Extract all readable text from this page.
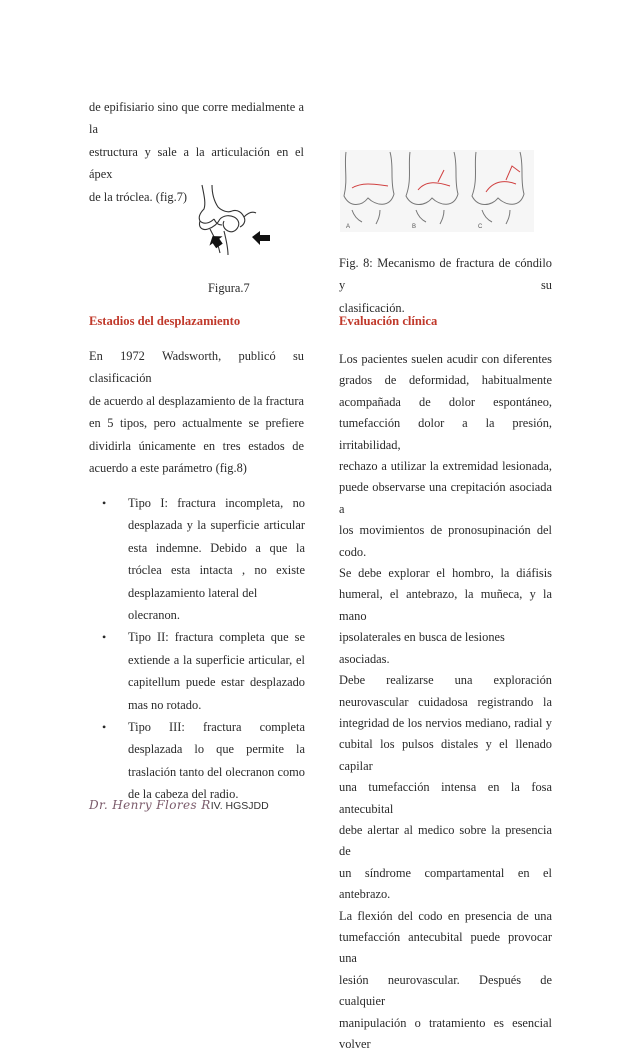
de epifisiario sino que corre medialmente a la
estructura y sale a la articulación en el ápex
de la tróclea. (fig.7)
Figura.7
Estadios del desplazamiento
En 1972 Wadsworth, publicó su clasificación
de acuerdo al desplazamiento de la fractura
en 5 tipos, pero actualmente se prefiere
dividirla únicamente en tres estados de
acuerdo a este parámetro (fig.8)
• Tipo I: fractura incompleta, no
desplazada y la superficie articular
esta indemne. Debido a que la
tróclea esta intacta , no existe
desplazamiento lateral del olecranon.
• Tipo II: fractura completa que se
extiende a la superficie articular, el
capitellum puede estar desplazado
mas no rotado.
• Tipo III: fractura completa
desplazada lo que permite la
traslación tanto del olecranon como
de la cabeza del radio.
A	B	C
Fig. 8: Mecanismo de fractura de cóndilo y su
clasificación.
Evaluación clínica
Los pacientes suelen acudir con diferentes
grados de deformidad, habitualmente
acompañada de dolor espontáneo,
tumefacción dolor a la presión, irritabilidad,
rechazo a utilizar la extremidad lesionada,
puede observarse una crepitación asociada a
los movimientos de pronosupinación del
codo.
Se debe explorar el hombro, la diáfisis
humeral, el antebrazo, la muñeca, y la mano
ipsolaterales en busca de lesiones asociadas.
Debe realizarse una exploración
neurovascular cuidadosa registrando la
integridad de los nervios mediano, radial y
cubital los pulsos distales y el llenado capilar
una tumefacción intensa en la fosa antecubital
debe alertar al medico sobre la presencia de
un síndrome compartamental en el antebrazo.
La flexión del codo en presencia de una
tumefacción antecubital puede provocar una
lesión neurovascular. Después de cualquier
manipulación o tratamiento es esencial volver
Dr. Henry Flores RIV. HGSJDD
